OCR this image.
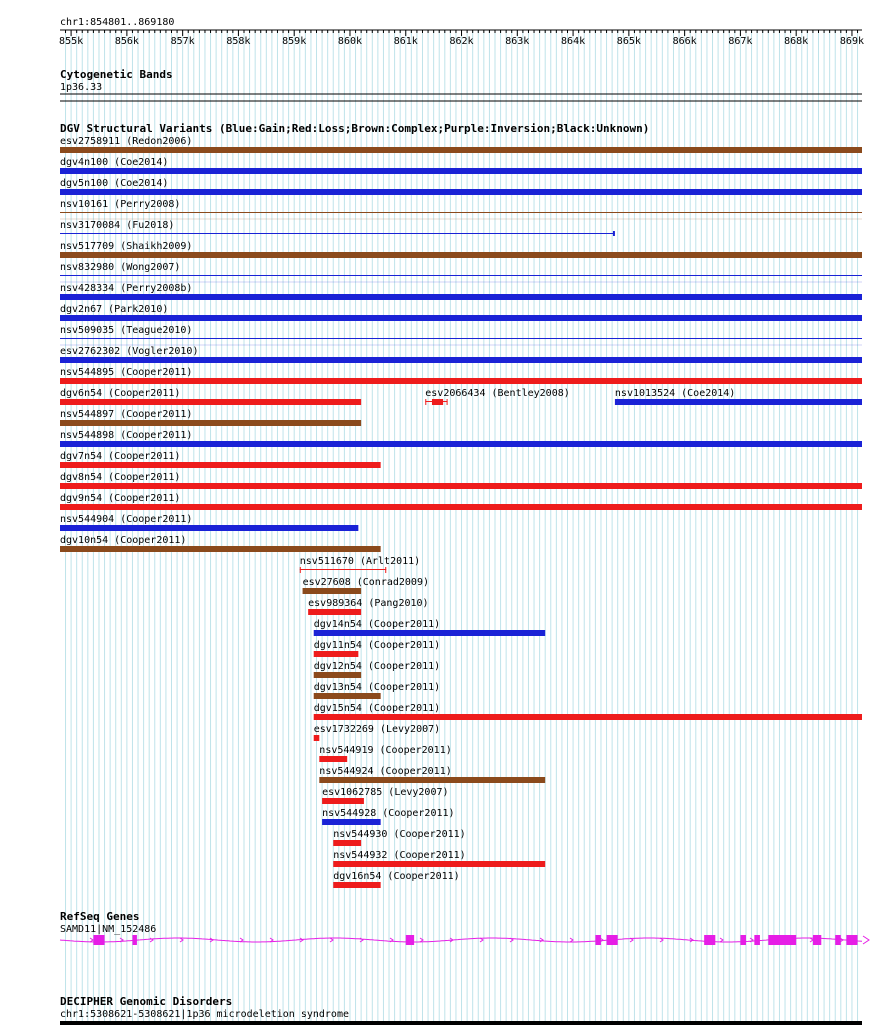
chr1:854801..869180
855k	856k	857k	858k	859k	860k	861k	862k	863k	864k	865k	866k	867k	868k	869k
Cytogenetic Bands
1p36.33
DGV Structural Variants (Blue:Gain;Red:Loss;Brown:Complex;Purple:Inversion;Black:Unknown)
esv2758911 (Redon2006)
dgv4n100 (Coe2014)
dgv5n100 (Coe2014)
nsv10161 (Perry2008)
nsv3170084 (Fu2018)
nsv517709 (Shaikh2009)
nsv832980 (Wong2007)
nsv428334 (Perry2008b)
dgv2n67 (Park2010)
nsv509035 (Teague2010)
esv2762302 (Vogler2010)
nsv544895 (Cooper2011)
dgv6n54 (Cooper2011)	esv2066434 (Bentley2008)	nsv1013524 (Coe2014)
nsv544897 (Cooper2011)
nsv544898 (Cooper2011)
dgv7n54 (Cooper2011)
dgv8n54 (Cooper2011)
dgv9n54 (Cooper2011)
nsv544904 (Cooper2011)
dgv10n54 (Cooper2011)
nsv511670 (Arlt2011)
esv27608 (Conrad2009)
esv989364 (Pang2010)
dgv14n54 (Cooper2011)
dgv11n54 (Cooper2011)
dgv12n54 (Cooper2011)
dgv13n54 (Cooper2011)
dgv15n54 (Cooper2011)
esv1732269 (Levy2007)
nsv544919 (Cooper2011)
nsv544924 (Cooper2011)
esv1062785 (Levy2007)
nsv544928 (Cooper2011)
nsv544930 (Cooper2011)
nsv544932 (Cooper2011)
dgv16n54 (Cooper2011)
RefSeq Genes
SAMD11|NM_152486
DECIPHER Genomic Disorders
chr1:5308621-5308621|1p36 microdeletion syndrome
